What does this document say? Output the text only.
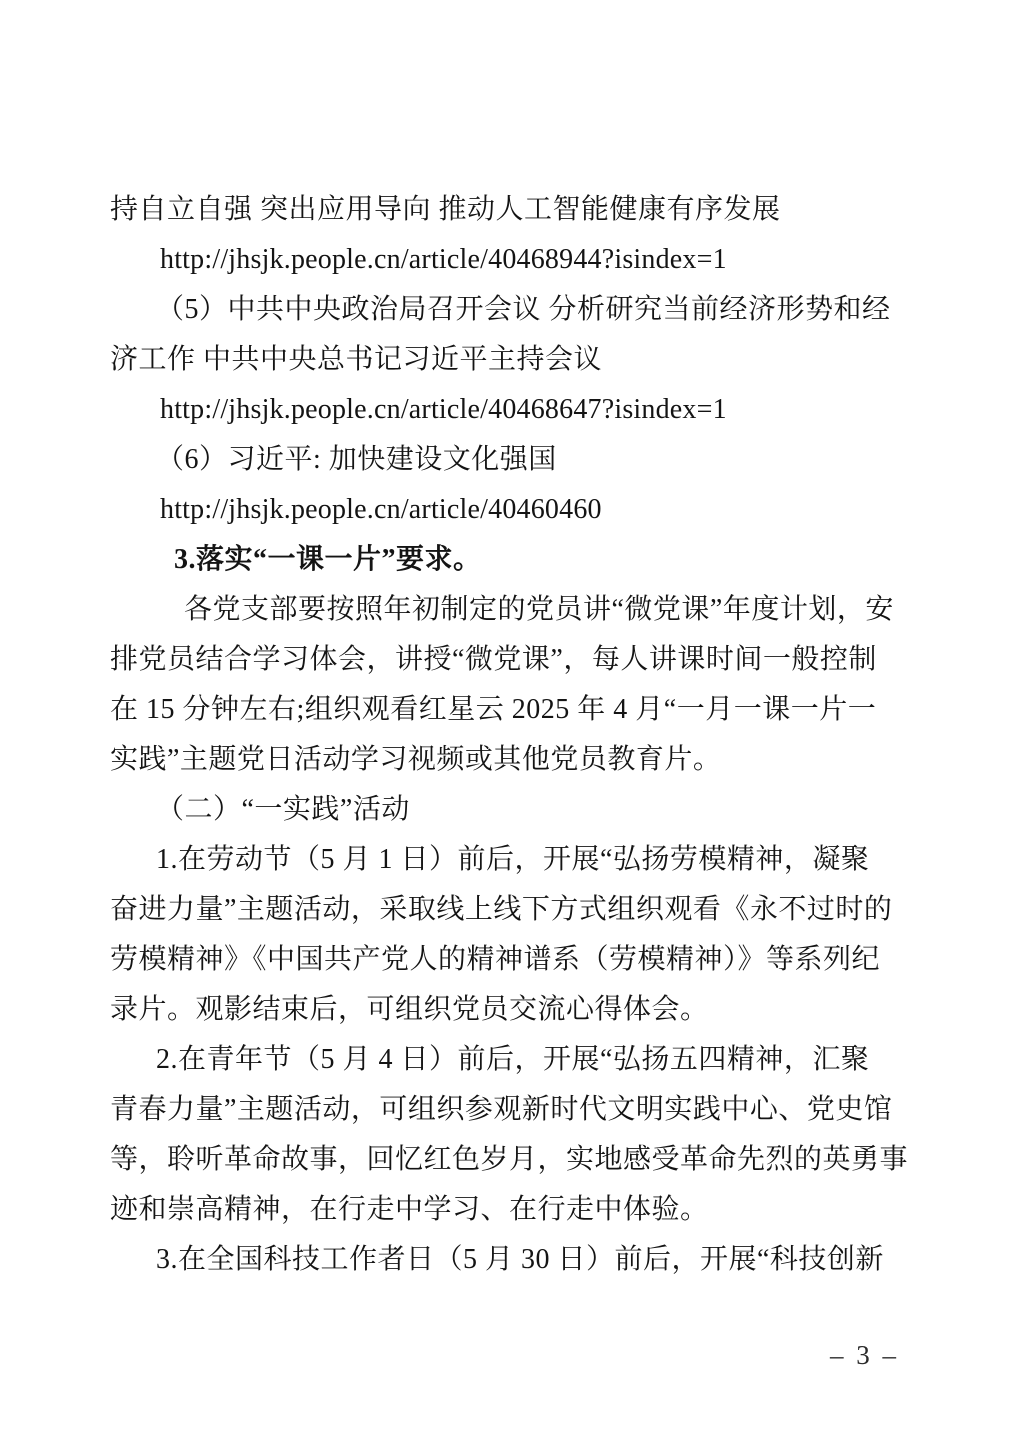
持自立自强 突出应用导向 推动人工智能健康有序发展
http://jhsjk.people.cn/article/40468944?isindex=1
（5）中共中央政治局召开会议 分析研究当前经济形势和经
济工作 中共中央总书记习近平主持会议
http://jhsjk.people.cn/article/40468647?isindex=1
（6）习近平: 加快建设文化强国
http://jhsjk.people.cn/article/40460460
3.落实“一课一片”要求。
各党支部要按照年初制定的党员讲“微党课”年度计划，安
排党员结合学习体会，讲授“微党课”，每人讲课时间一般控制
在 15 分钟左右;组织观看红星云 2025 年 4 月“一月一课一片一
实践”主题党日活动学习视频或其他党员教育片。
（二）“一实践”活动
1.在劳动节（5 月 1 日）前后，开展“弘扬劳模精神，凝聚
奋进力量”主题活动，采取线上线下方式组织观看《永不过时的
劳模精神》《中国共产党人的精神谱系（劳模精神）》等系列纪
录片。观影结束后，可组织党员交流心得体会。
2.在青年节（5 月 4 日）前后，开展“弘扬五四精神，汇聚
青春力量”主题活动，可组织参观新时代文明实践中心、党史馆
等，聆听革命故事，回忆红色岁月，实地感受革命先烈的英勇事
迹和崇高精神，在行走中学习、在行走中体验。
3.在全国科技工作者日（5 月 30 日）前后，开展“科技创新
– 3 –
